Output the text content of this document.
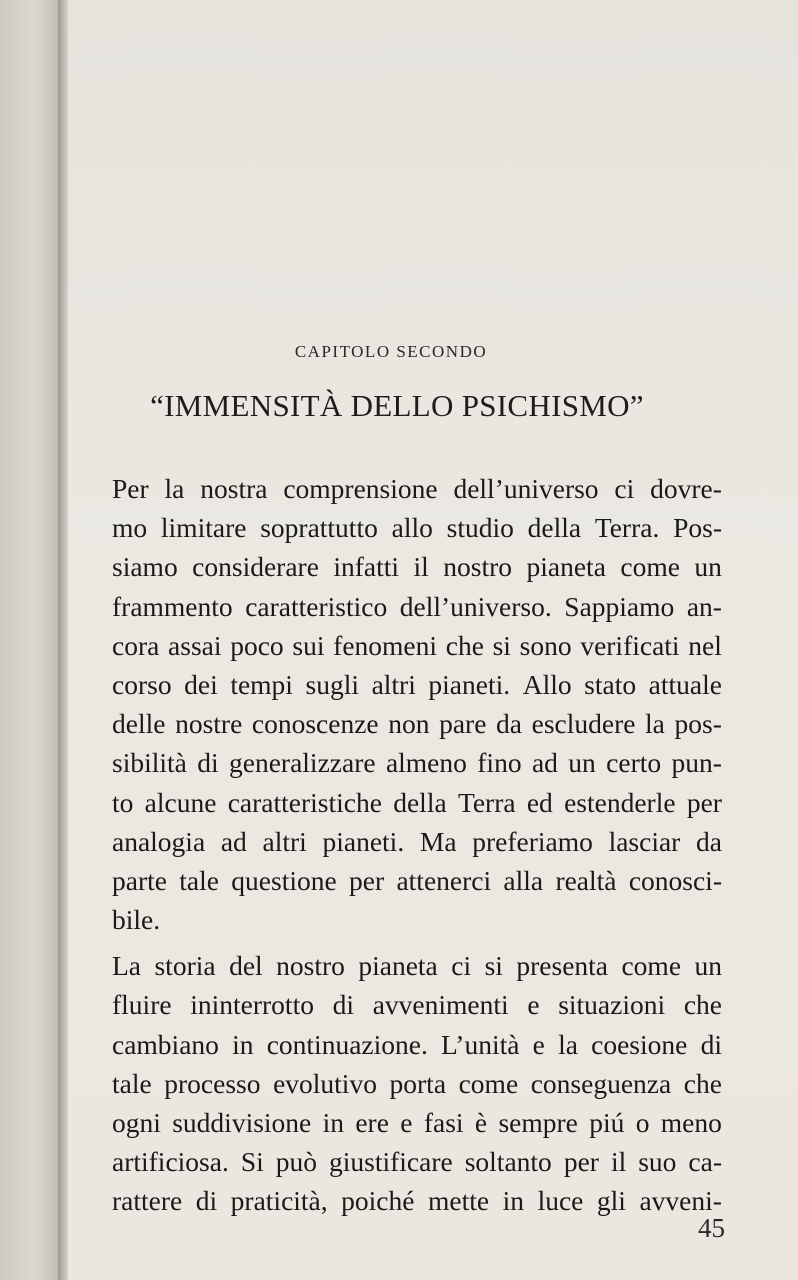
CAPITOLO SECONDO

“IMMENSITÀ DELLO PSICHISMO”
Per la nostra comprensione dell’universo ci dovre-
mo limitare soprattutto allo studio della Terra. Pos-
siamo considerare infatti il nostro pianeta come un
frammento caratteristico dell’universo. Sappiamo an-
cora assai poco sui fenomeni che si sono verificati nel
corso dei tempi sugli altri pianeti. Allo stato attuale
delle nostre conoscenze non pare da escludere la pos-
sibilità di generalizzare almeno fino ad un certo pun-
to alcune caratteristiche della Terra ed estenderle per
analogia ad altri pianeti. Ma preferiamo lasciar da
parte tale questione per attenerci alla realtà conosci-
bile.
La storia del nostro pianeta ci si presenta come un
fluire ininterrotto di avvenimenti e situazioni che
cambiano in continuazione. L’unità e la coesione di
tale processo evolutivo porta come conseguenza che
ogni suddivisione in ere e fasi è sempre piú o meno
artificiosa. Si può giustificare soltanto per il suo ca-
rattere di praticità, poiché mette in luce gli avveni-

45
